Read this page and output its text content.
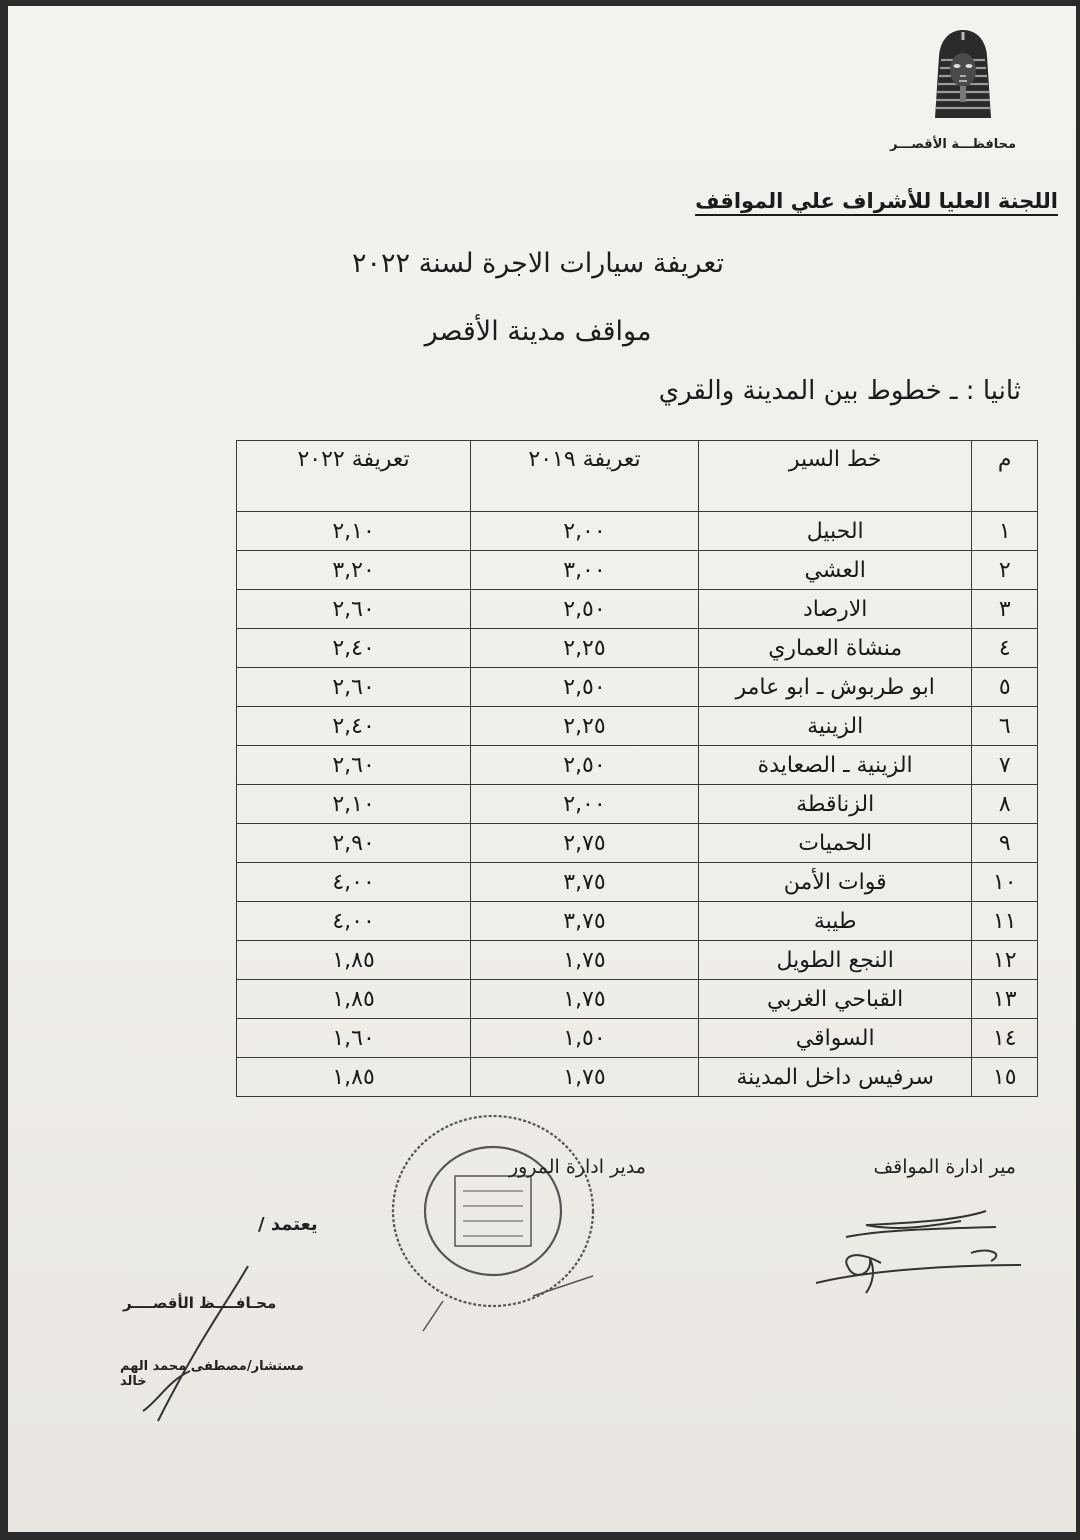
محافظـــة الأقصـــر
اللجنة العليا للأشراف علي المواقف
تعريفة سيارات الاجرة لسنة ٢٠٢٢
مواقف مدينة الأقصر
ثانيا : ـ خطوط بين المدينة والقري
م	خط السير	تعريفة ٢٠١٩	تعريفة ٢٠٢٢
١	الحبيل	٢,٠٠	٢,١٠
٢	العشي	٣,٠٠	٣,٢٠
٣	الارصاد	٢,٥٠	٢,٦٠
٤	منشاة العماري	٢,٢٥	٢,٤٠
٥	ابو طربوش ـ ابو عامر	٢,٥٠	٢,٦٠
٦	الزينية	٢,٢٥	٢,٤٠
٧	الزينية ـ الصعايدة	٢,٥٠	٢,٦٠
٨	الزناقطة	٢,٠٠	٢,١٠
٩	الحميات	٢,٧٥	٢,٩٠
١٠	قوات الأمن	٣,٧٥	٤,٠٠
١١	طيبة	٣,٧٥	٤,٠٠
١٢	النجع الطويل	١,٧٥	١,٨٥
١٣	القباحي الغربي	١,٧٥	١,٨٥
١٤	السواقي	١,٥٠	١,٦٠
١٥	سرفيس داخل المدينة	١,٧٥	١,٨٥
مير ادارة المواقف
مدير ادارة المرور
يعتمد /
محـافــــظ الأقصــــر
مستشار/مصطفى محمد الهم خالد
